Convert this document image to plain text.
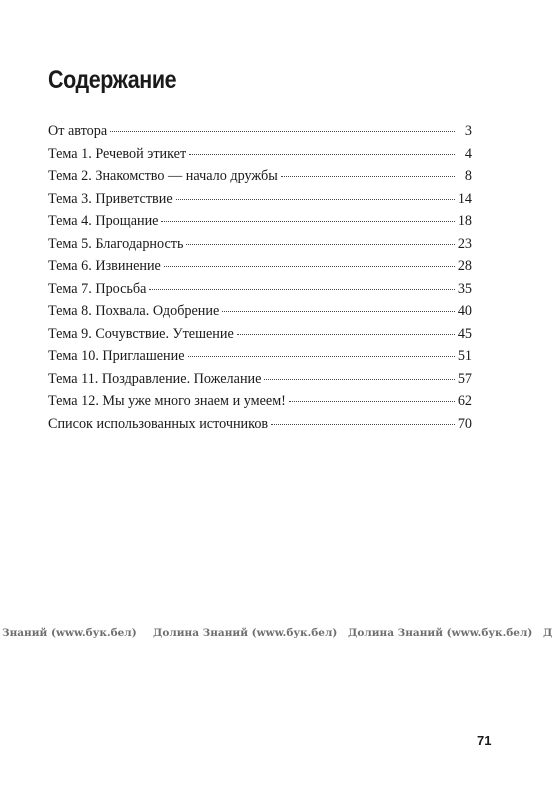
Содержание
От автора	3
Тема 1. Речевой этикет	4
Тема 2. Знакомство — начало дружбы	8
Тема 3. Приветствие	14
Тема 4. Прощание	18
Тема 5. Благодарность	23
Тема 6. Извинение	28
Тема 7. Просьба	35
Тема 8. Похвала. Одобрение	40
Тема 9. Сочувствие. Утешение	45
Тема 10. Приглашение	51
Тема 11. Поздравление. Пожелание	57
Тема 12. Мы уже много знаем и умеем!	62
Список использованных источников	70
Знаний (www.бук.бел) Долина Знаний (www.бук.бел) Долина Знаний (www.бук.бел) Д
71
